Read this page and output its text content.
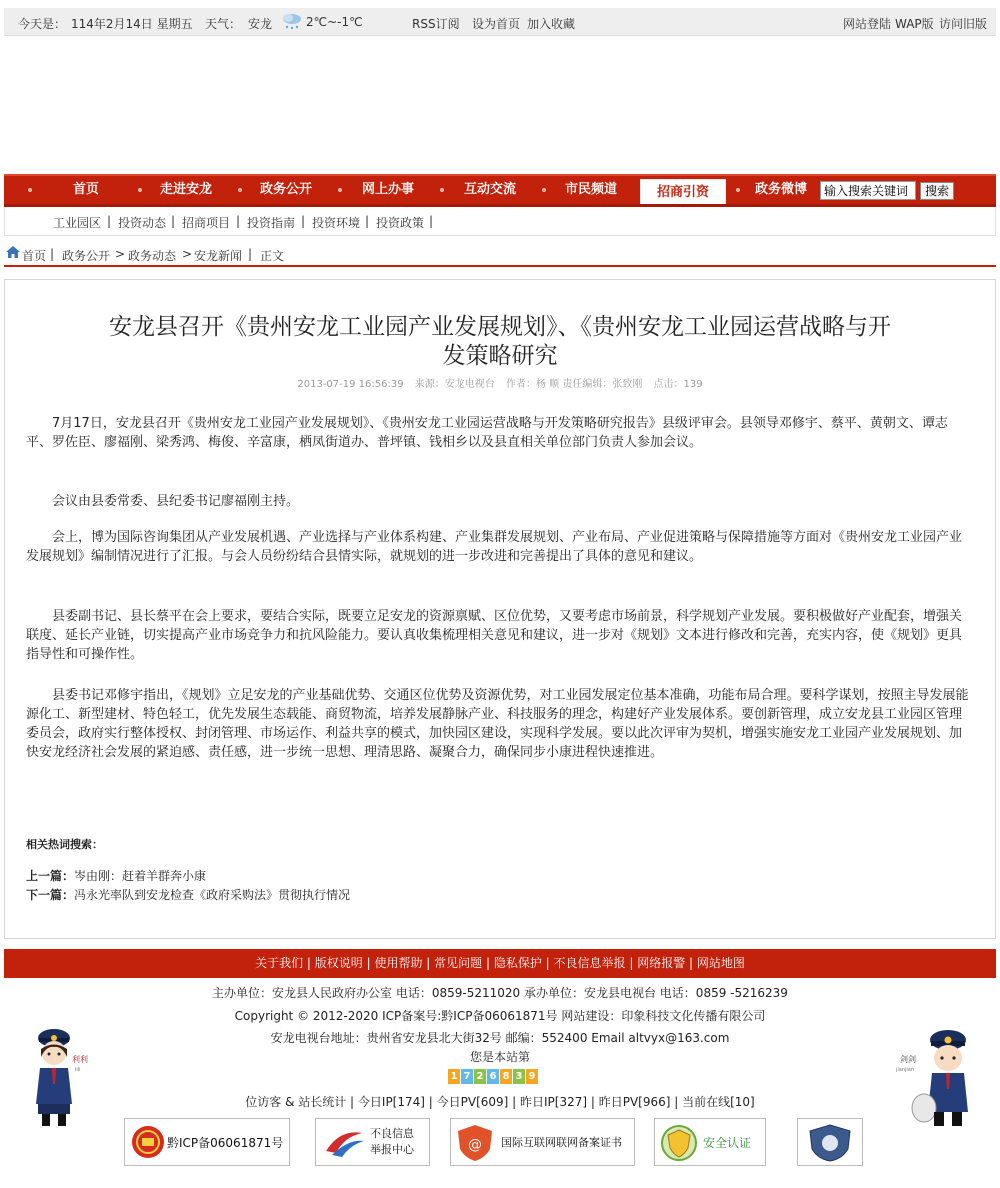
今天是： 114年2月14日 星期五 天气： 安龙	2℃~-1℃	RSS订阅 设为首页 加入收藏	网站登陆 WAP版 访问旧版
首页	走进安龙	政务公开	网上办事	互动交流	市民频道	招商引资	政务微博
输入搜索关键词	搜索
工业园区 | 投资动态 | 招商项目 | 投资指南 | 投资环境 | 投资政策 |
首页 | 政务公开 > 政务动态 > 安龙新闻 | 正文
安龙县召开《贵州安龙工业园产业发展规划》、《贵州安龙工业园运营战略与开
发策略研究
2013-07-19 16:56:39 来源：安龙电视台 作者：杨 顺 责任编辑：张致刚 点击：139

7月17日，安龙县召开《贵州安龙工业园产业发展规划》、《贵州安龙工业园运营战略与开发策略研究报告》县级评审会。县领导邓修宇、蔡平、黄朝文、谭志平、罗佐臣、廖福刚、梁秀鸿、梅俊、辛富康，栖凤街道办、普坪镇、钱相乡以及县直相关单位部门负责人参加会议。

会议由县委常委、县纪委书记廖福刚主持。

会上，博为国际咨询集团从产业发展机遇、产业选择与产业体系构建、产业集群发展规划、产业布局、产业促进策略与保障措施等方面对《贵州安龙工业园产业发展规划》编制情况进行了汇报。与会人员纷纷结合县情实际，就规划的进一步改进和完善提出了具体的意见和建议。

县委副书记、县长蔡平在会上要求，要结合实际，既要立足安龙的资源禀赋、区位优势，又要考虑市场前景，科学规划产业发展。要积极做好产业配套，增强关联度、延长产业链，切实提高产业市场竞争力和抗风险能力。要认真收集梳理相关意见和建议，进一步对《规划》文本进行修改和完善，充实内容，使《规划》更具指导性和可操作性。

县委书记邓修宇指出，《规划》立足安龙的产业基础优势、交通区位优势及资源优势，对工业园发展定位基本准确，功能布局合理。要科学谋划，按照主导发展能源化工、新型建材、特色轻工，优先发展生态载能、商贸物流，培养发展静脉产业、科技服务的理念，构建好产业发展体系。要创新管理，成立安龙县工业园区管理委员会，政府实行整体授权、封闭管理、市场运作、利益共享的模式，加快园区建设，实现科学发展。要以此次评审为契机，增强实施安龙工业园产业发展规划、加快安龙经济社会发展的紧迫感、责任感，进一步统一思想、理清思路、凝聚合力，确保同步小康进程快速推进。

相关热词搜索：
上一篇：岑由刚：赶着羊群奔小康
下一篇：冯永光率队到安龙检查《政府采购法》贯彻执行情况
关于我们 | 版权说明 | 使用帮助 | 常见问题 | 隐私保护 | 不良信息举报 | 网络报警 | 网站地图
主办单位：安龙县人民政府办公室 电话：0859-5211020 承办单位：安龙县电视台 电话：0859 -5216239
Copyright © 2012-2020 ICP备案号:黔ICP备06061871号 网站建设：印象科技文化传播有限公司
安龙电视台地址：贵州省安龙县北大街32号 邮编：552400 Email altvyx@163.com
您是本站第
1 7 2 6 8 3 9
位访客 & 站长统计 | 今日IP[174] | 今日PV[609] | 昨日IP[327] | 昨日PV[966] | 当前在线[10]
利利
lili
剑剑
jianjian
黔ICP备06061871号
不良信息
举报中心	@ 国际互联网联网备案证书	安全认证
